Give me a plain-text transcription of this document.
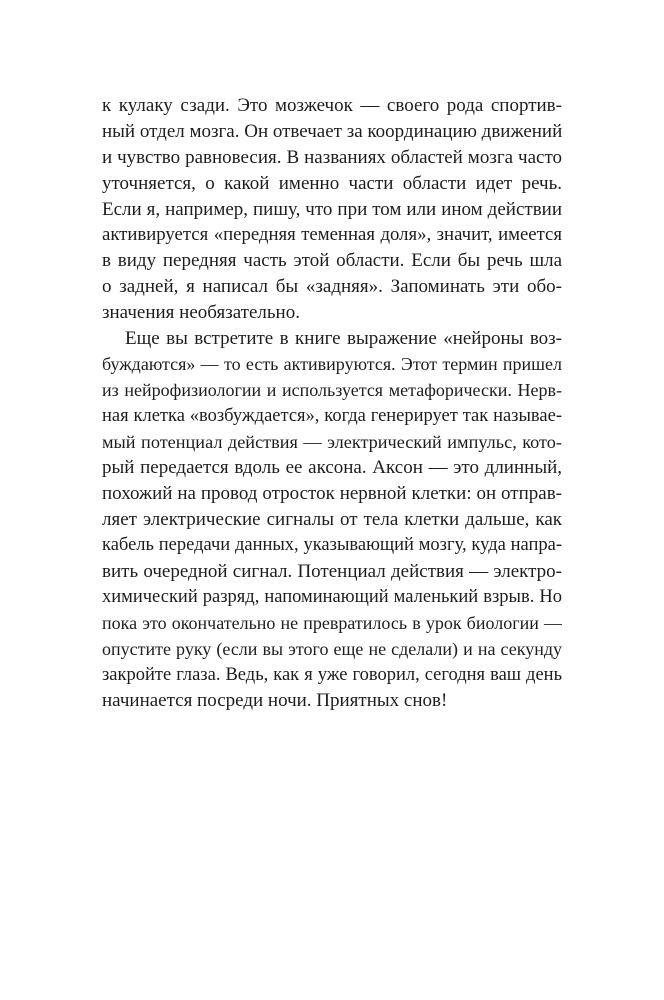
к кулаку сзади. Это мозжечок — своего рода спортив-
ный отдел мозга. Он отвечает за координацию движений
и чувство равновесия. В названиях областей мозга часто
уточняется, о какой именно части области идет речь.
Если я, например, пишу, что при том или ином действии
активируется «передняя теменная доля», значит, имеется
в виду передняя часть этой области. Если бы речь шла
о задней, я написал бы «задняя». Запоминать эти обо-
значения необязательно.
Еще вы встретите в книге выражение «нейроны воз-
буждаются» — то есть активируются. Этот термин пришел
из нейрофизиологии и используется метафорически. Нерв-
ная клетка «возбуждается», когда генерирует так называе-
мый потенциал действия — электрический импульс, кото-
рый передается вдоль ее аксона. Аксон — это длинный,
похожий на провод отросток нервной клетки: он отправ-
ляет электрические сигналы от тела клетки дальше, как
кабель передачи данных, указывающий мозгу, куда напра-
вить очередной сигнал. Потенциал действия — электро-
химический разряд, напоминающий маленький взрыв. Но
пока это окончательно не превратилось в урок биологии —
опустите руку (если вы этого еще не сделали) и на секунду
закройте глаза. Ведь, как я уже говорил, сегодня ваш день
начинается посреди ночи. Приятных снов!
